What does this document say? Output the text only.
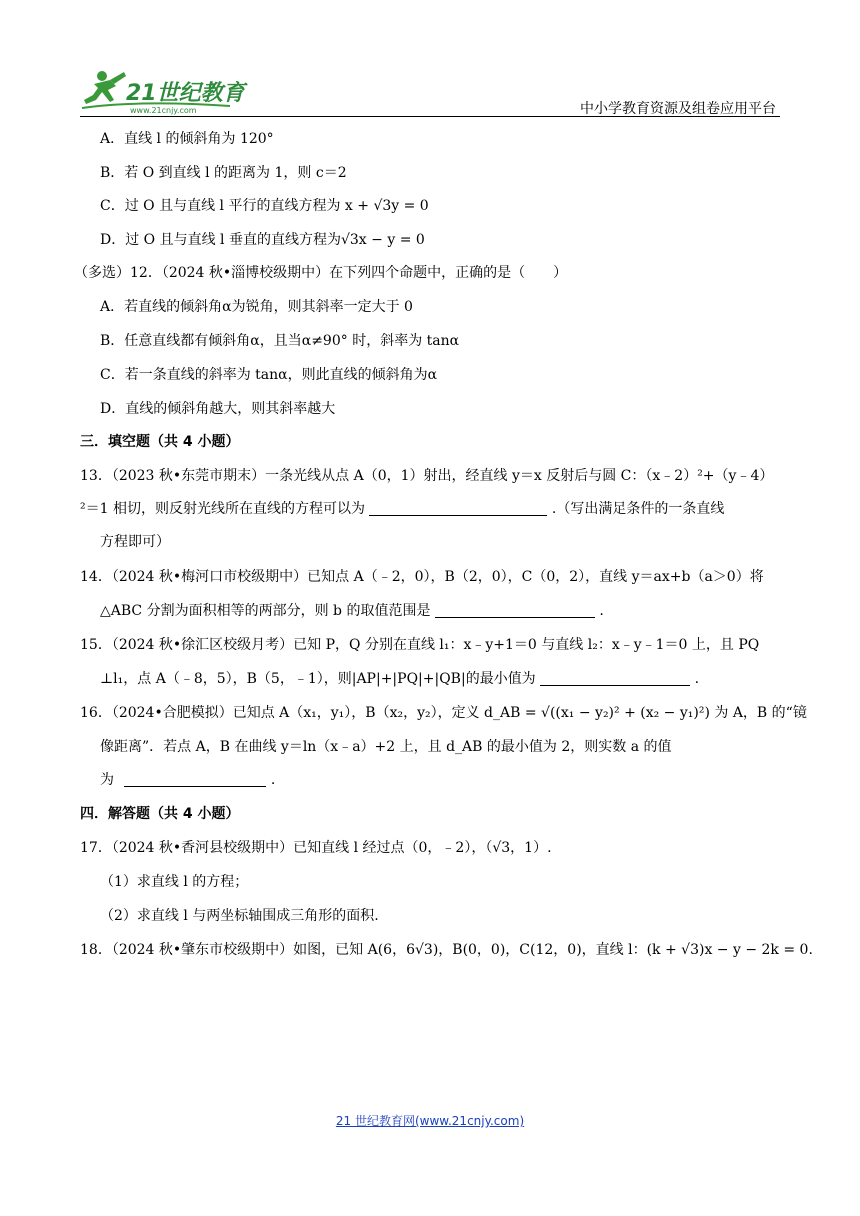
21世纪教育
www.21cnjy.com	中小学教育资源及组卷应用平台
A．直线 l 的倾斜角为 120°
B．若 O 到直线 l 的距离为 1，则 c＝2
C．过 O 且与直线 l 平行的直线方程为 x + √3y = 0
D．过 O 且与直线 l 垂直的直线方程为√3x − y = 0
（多选）12．（2024 秋•淄博校级期中）在下列四个命题中，正确的是（　　）
A．若直线的倾斜角α为锐角，则其斜率一定大于 0
B．任意直线都有倾斜角α，且当α≠90° 时，斜率为 tanα
C．若一条直线的斜率为 tanα，则此直线的倾斜角为α
D．直线的倾斜角越大，则其斜率越大
三．填空题（共 4 小题）
13．（2023 秋•东莞市期末）一条光线从点 A（0，1）射出，经直线 y＝x 反射后与圆 C：（x﹣2）²+（y﹣4）
²＝1 相切，则反射光线所在直线的方程可以为	.（写出满足条件的一条直线
方程即可）
14．（2024 秋•梅河口市校级期中）已知点 A（﹣2，0），B（2，0），C（0，2），直线 y＝ax+b（a＞0）将
△ABC 分割为面积相等的两部分，则 b 的取值范围是	.
15．（2024 秋•徐汇区校级月考）已知 P，Q 分别在直线 l₁：x﹣y+1＝0 与直线 l₂：x﹣y﹣1＝0 上，且 PQ
⊥l₁，点 A（﹣8，5），B（5，﹣1），则|AP|+|PQ|+|QB|的最小值为	.
16．（2024•合肥模拟）已知点 A（x₁，y₁），B（x₂，y₂），定义 d_AB = √((x₁ − y₂)² + (x₂ − y₁)²) 为 A，B 的“镜
像距离”．若点 A，B 在曲线 y＝ln（x﹣a）+2 上，且 d_AB 的最小值为 2，则实数 a 的值
为	.
四．解答题（共 4 小题）
17．（2024 秋•香河县校级期中）已知直线 l 经过点（0，﹣2），（√3，1）.
（1）求直线 l 的方程；
（2）求直线 l 与两坐标轴围成三角形的面积.
18．（2024 秋•肇东市校级期中）如图，已知 A(6，6√3)，B(0，0)，C(12，0)，直线 l：(k + √3)x − y − 2k = 0.
21 世纪教育网(www.21cnjy.com)
